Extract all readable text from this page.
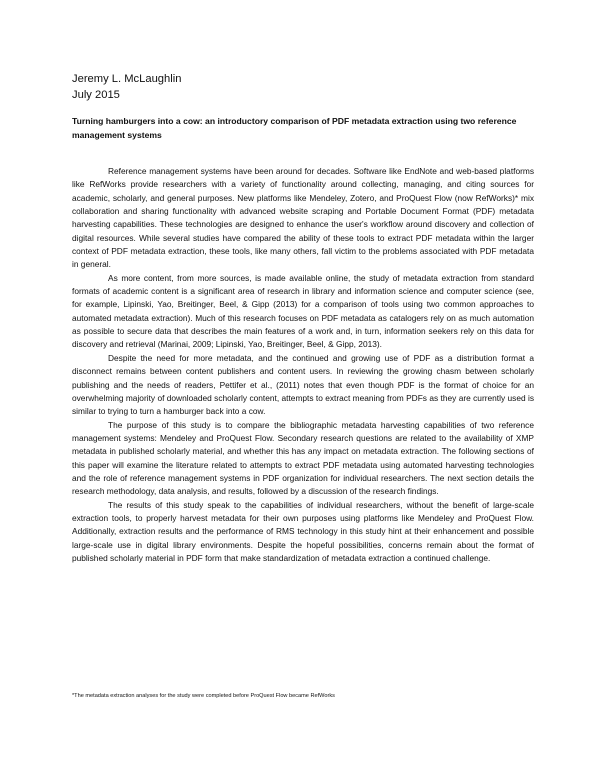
Jeremy L. McLaughlin
July 2015
Turning hamburgers into a cow: an introductory comparison of PDF metadata extraction using two reference management systems

Reference management systems have been around for decades. Software like EndNote and web-based platforms like RefWorks provide researchers with a variety of functionality around collecting, managing, and citing sources for academic, scholarly, and general purposes. New platforms like Mendeley, Zotero, and ProQuest Flow (now RefWorks)* mix collaboration and sharing functionality with advanced website scraping and Portable Document Format (PDF) metadata harvesting capabilities. These technologies are designed to enhance the user's workflow around discovery and collection of digital resources. While several studies have compared the ability of these tools to extract PDF metadata within the larger context of PDF metadata extraction, these tools, like many others, fall victim to the problems associated with PDF metadata in general.

As more content, from more sources, is made available online, the study of metadata extraction from standard formats of academic content is a significant area of research in library and information science and computer science (see, for example, Lipinski, Yao, Breitinger, Beel, & Gipp (2013) for a comparison of tools using two common approaches to automated metadata extraction). Much of this research focuses on PDF metadata as catalogers rely on as much automation as possible to secure data that describes the main features of a work and, in turn, information seekers rely on this data for discovery and retrieval (Marinai, 2009; Lipinski, Yao, Breitinger, Beel, & Gipp, 2013).

Despite the need for more metadata, and the continued and growing use of PDF as a distribution format a disconnect remains between content publishers and content users. In reviewing the growing chasm between scholarly publishing and the needs of readers, Pettifer et al., (2011) notes that even though PDF is the format of choice for an overwhelming majority of downloaded scholarly content, attempts to extract meaning from PDFs as they are currently used is similar to trying to turn a hamburger back into a cow.

The purpose of this study is to compare the bibliographic metadata harvesting capabilities of two reference management systems: Mendeley and ProQuest Flow. Secondary research questions are related to the availability of XMP metadata in published scholarly material, and whether this has any impact on metadata extraction. The following sections of this paper will examine the literature related to attempts to extract PDF metadata using automated harvesting technologies and the role of reference management systems in PDF organization for individual researchers. The next section details the research methodology, data analysis, and results, followed by a discussion of the research findings.

The results of this study speak to the capabilities of individual researchers, without the benefit of large-scale extraction tools, to properly harvest metadata for their own purposes using platforms like Mendeley and ProQuest Flow. Additionally, extraction results and the performance of RMS technology in this study hint at their enhancement and possible large-scale use in digital library environments. Despite the hopeful possibilities, concerns remain about the format of published scholarly material in PDF form that make standardization of metadata extraction a continued challenge.

*The metadata extraction analyses for the study were completed before ProQuest Flow became RefWorks
